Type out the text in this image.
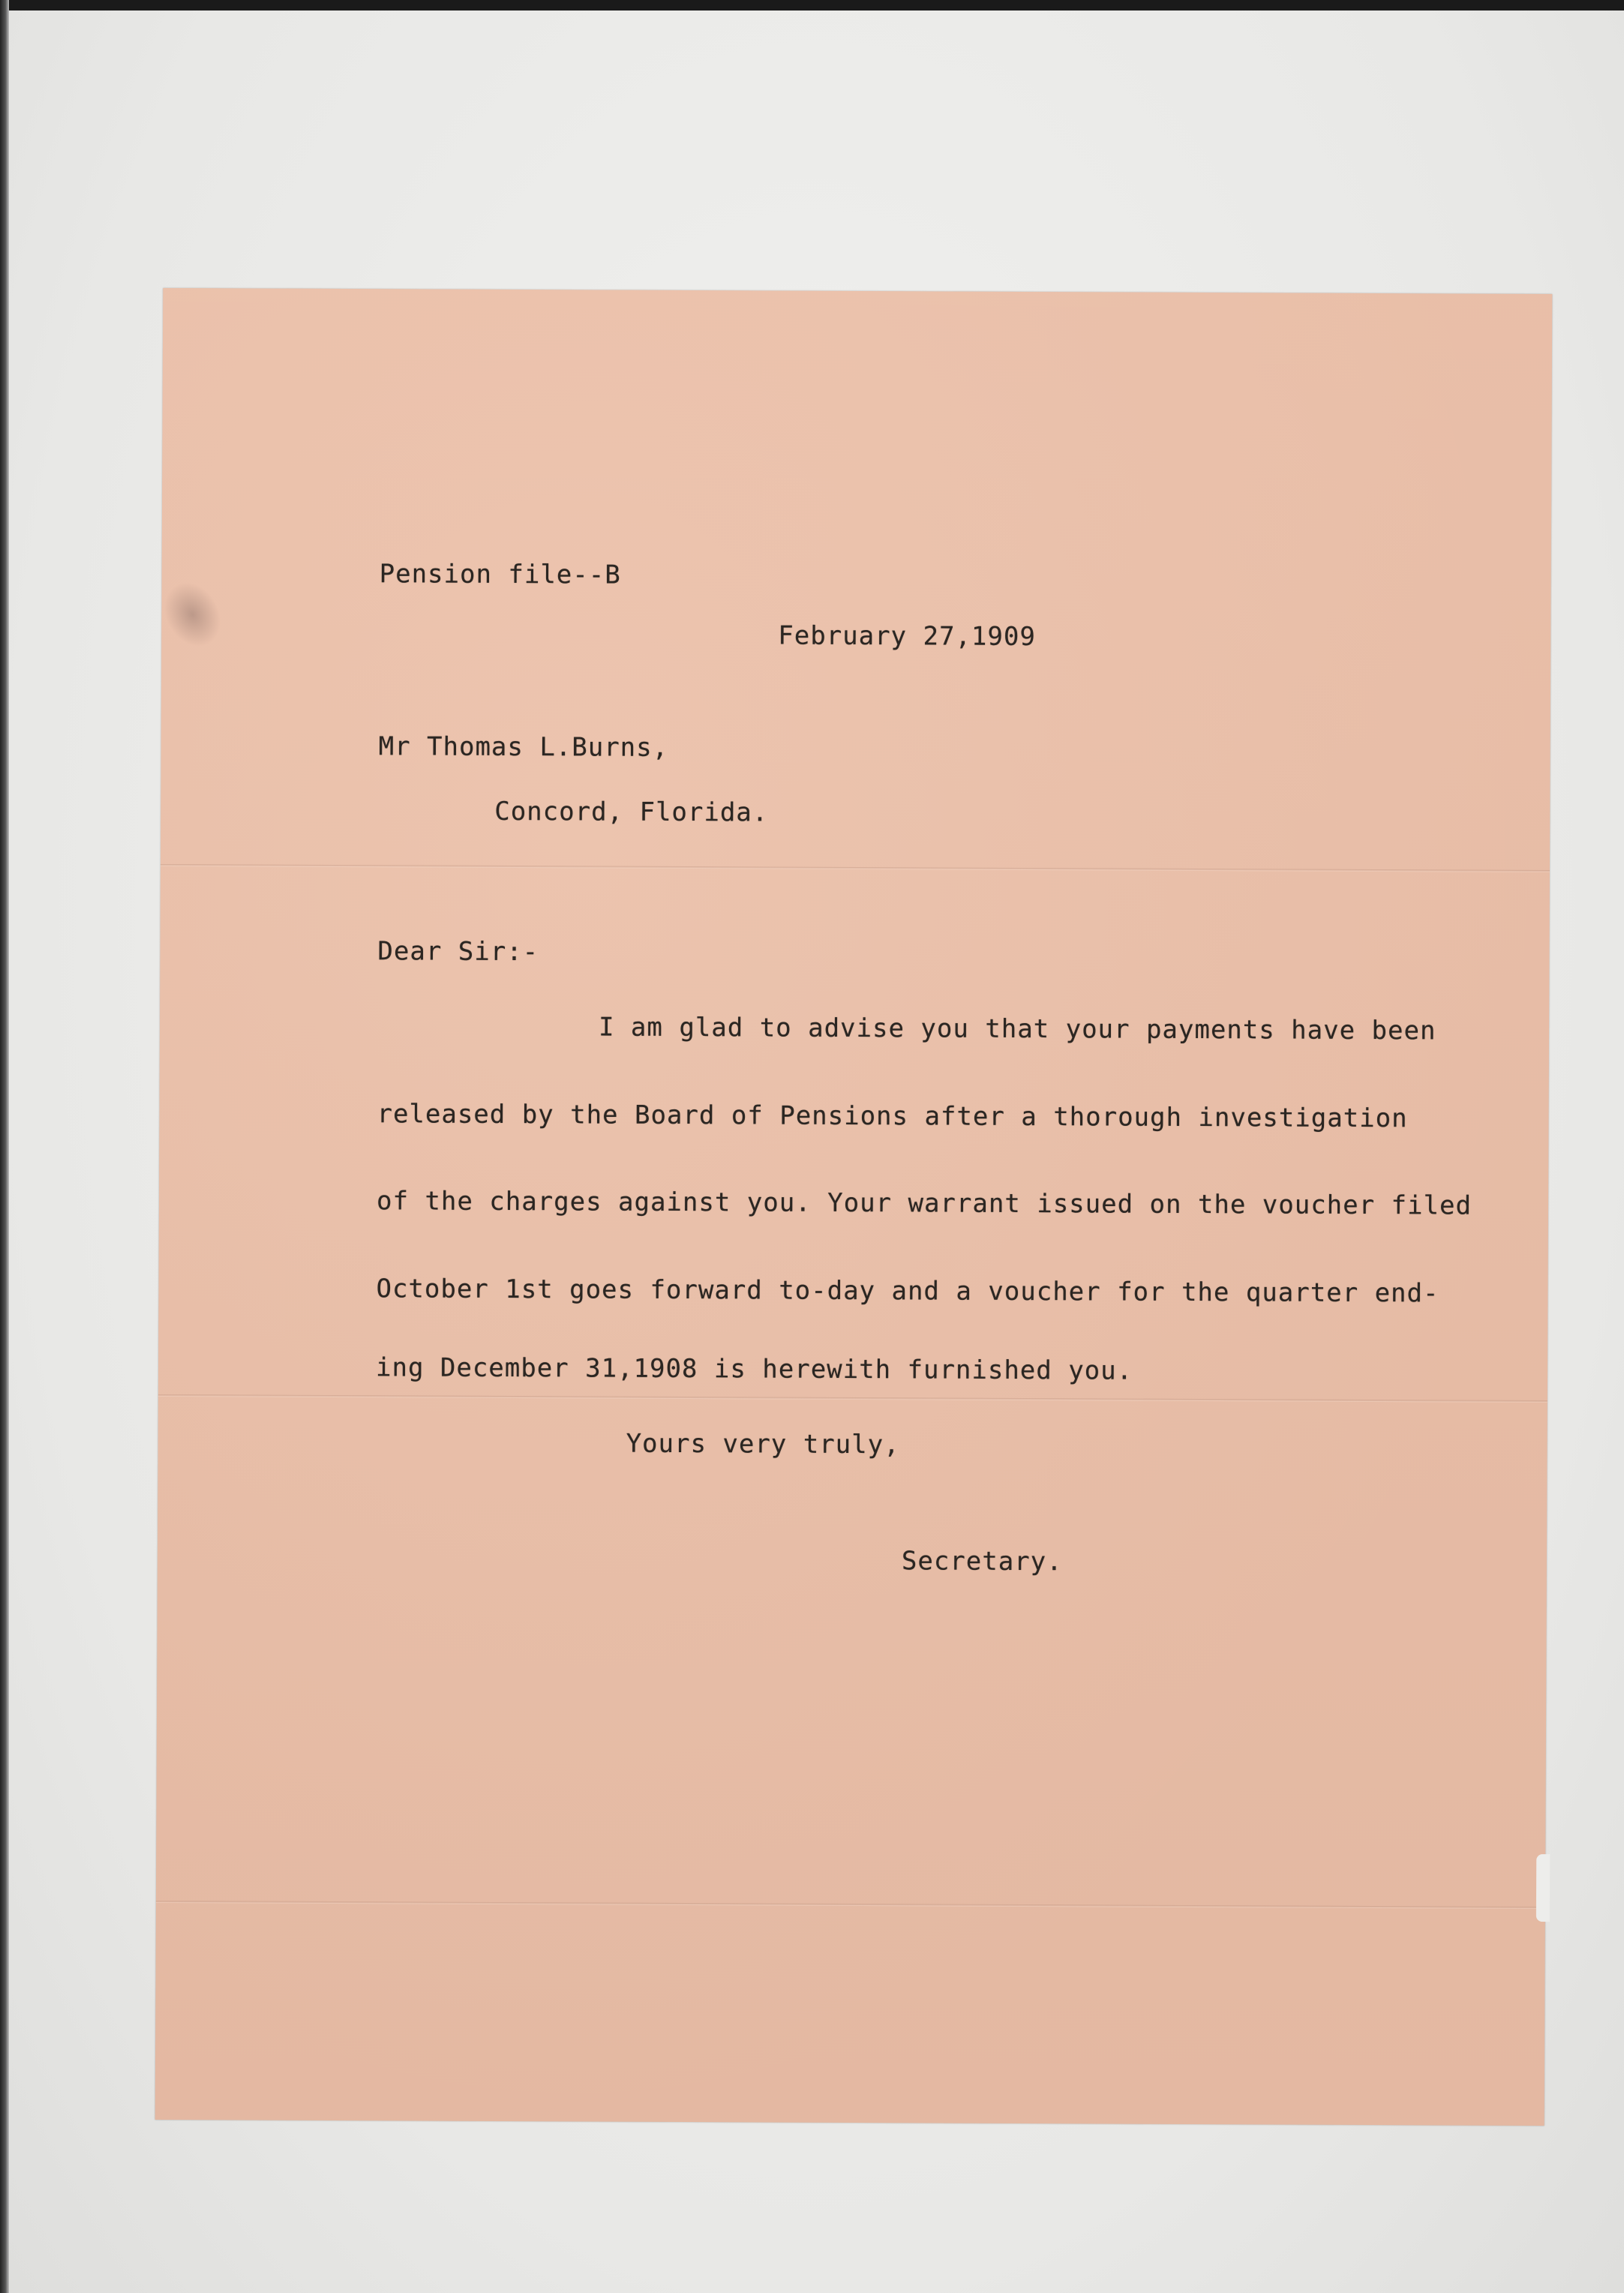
Pension file--B
February 27,1909
Mr Thomas L.Burns,
Concord, Florida.
Dear Sir:-
I am glad to advise you that your payments have been
released by the Board of Pensions after a thorough investigation
of the charges against you. Your warrant issued on the voucher filed
October 1st goes forward to-day and a voucher for the quarter end-
ing December 31,1908 is herewith furnished you.
Yours very truly,
Secretary.
